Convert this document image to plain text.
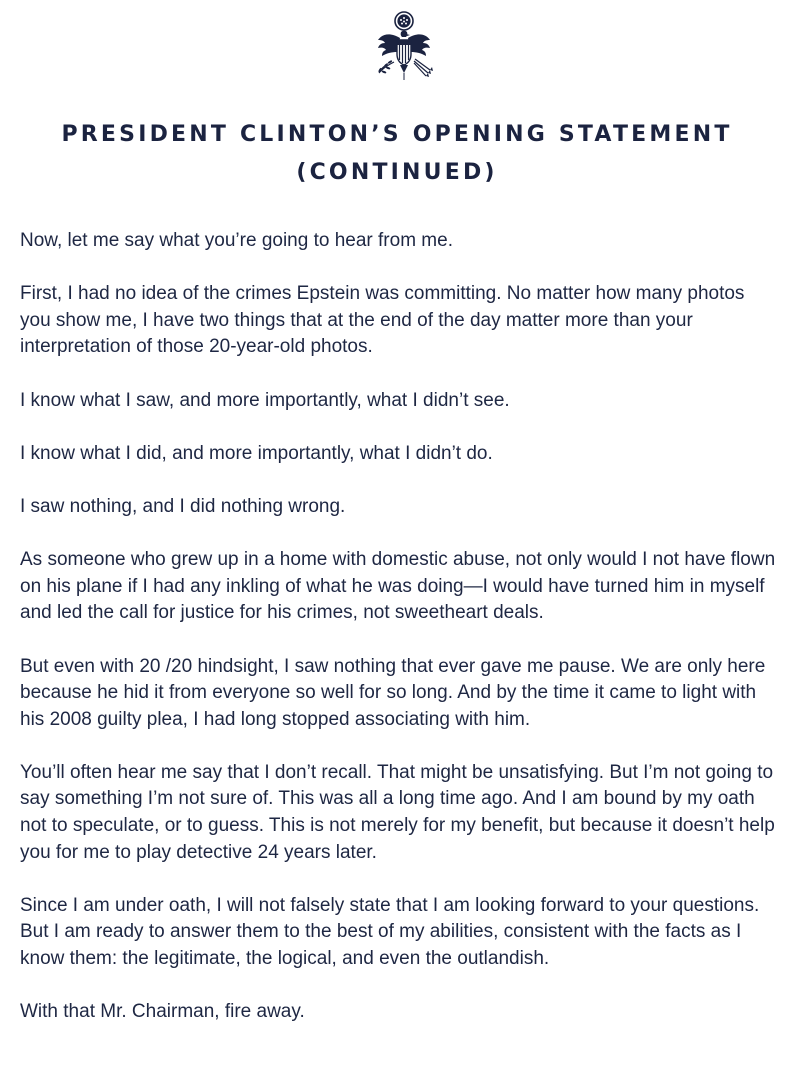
PRESIDENT CLINTON’S OPENING STATEMENT
(CONTINUED)

Now, let me say what you’re going to hear from me.

First, I had no idea of the crimes Epstein was committing. No matter how many photos you show me, I have two things that at the end of the day matter more than your interpretation of those 20-year-old photos.

I know what I saw, and more importantly, what I didn’t see.

I know what I did, and more importantly, what I didn’t do.

I saw nothing, and I did nothing wrong.

As someone who grew up in a home with domestic abuse, not only would I not have flown on his plane if I had any inkling of what he was doing—I would have turned him in myself and led the call for justice for his crimes, not sweetheart deals.

But even with 20 /20 hindsight, I saw nothing that ever gave me pause. We are only here because he hid it from everyone so well for so long. And by the time it came to light with his 2008 guilty plea, I had long stopped associating with him.

You’ll often hear me say that I don’t recall. That might be unsatisfying. But I’m not going to say something I’m not sure of. This was all a long time ago. And I am bound by my oath not to speculate, or to guess. This is not merely for my benefit, but because it doesn’t help you for me to play detective 24 years later.

Since I am under oath, I will not falsely state that I am looking forward to your questions. But I am ready to answer them to the best of my abilities, consistent with the facts as I know them: the legitimate, the logical, and even the outlandish.

With that Mr. Chairman, fire away.
